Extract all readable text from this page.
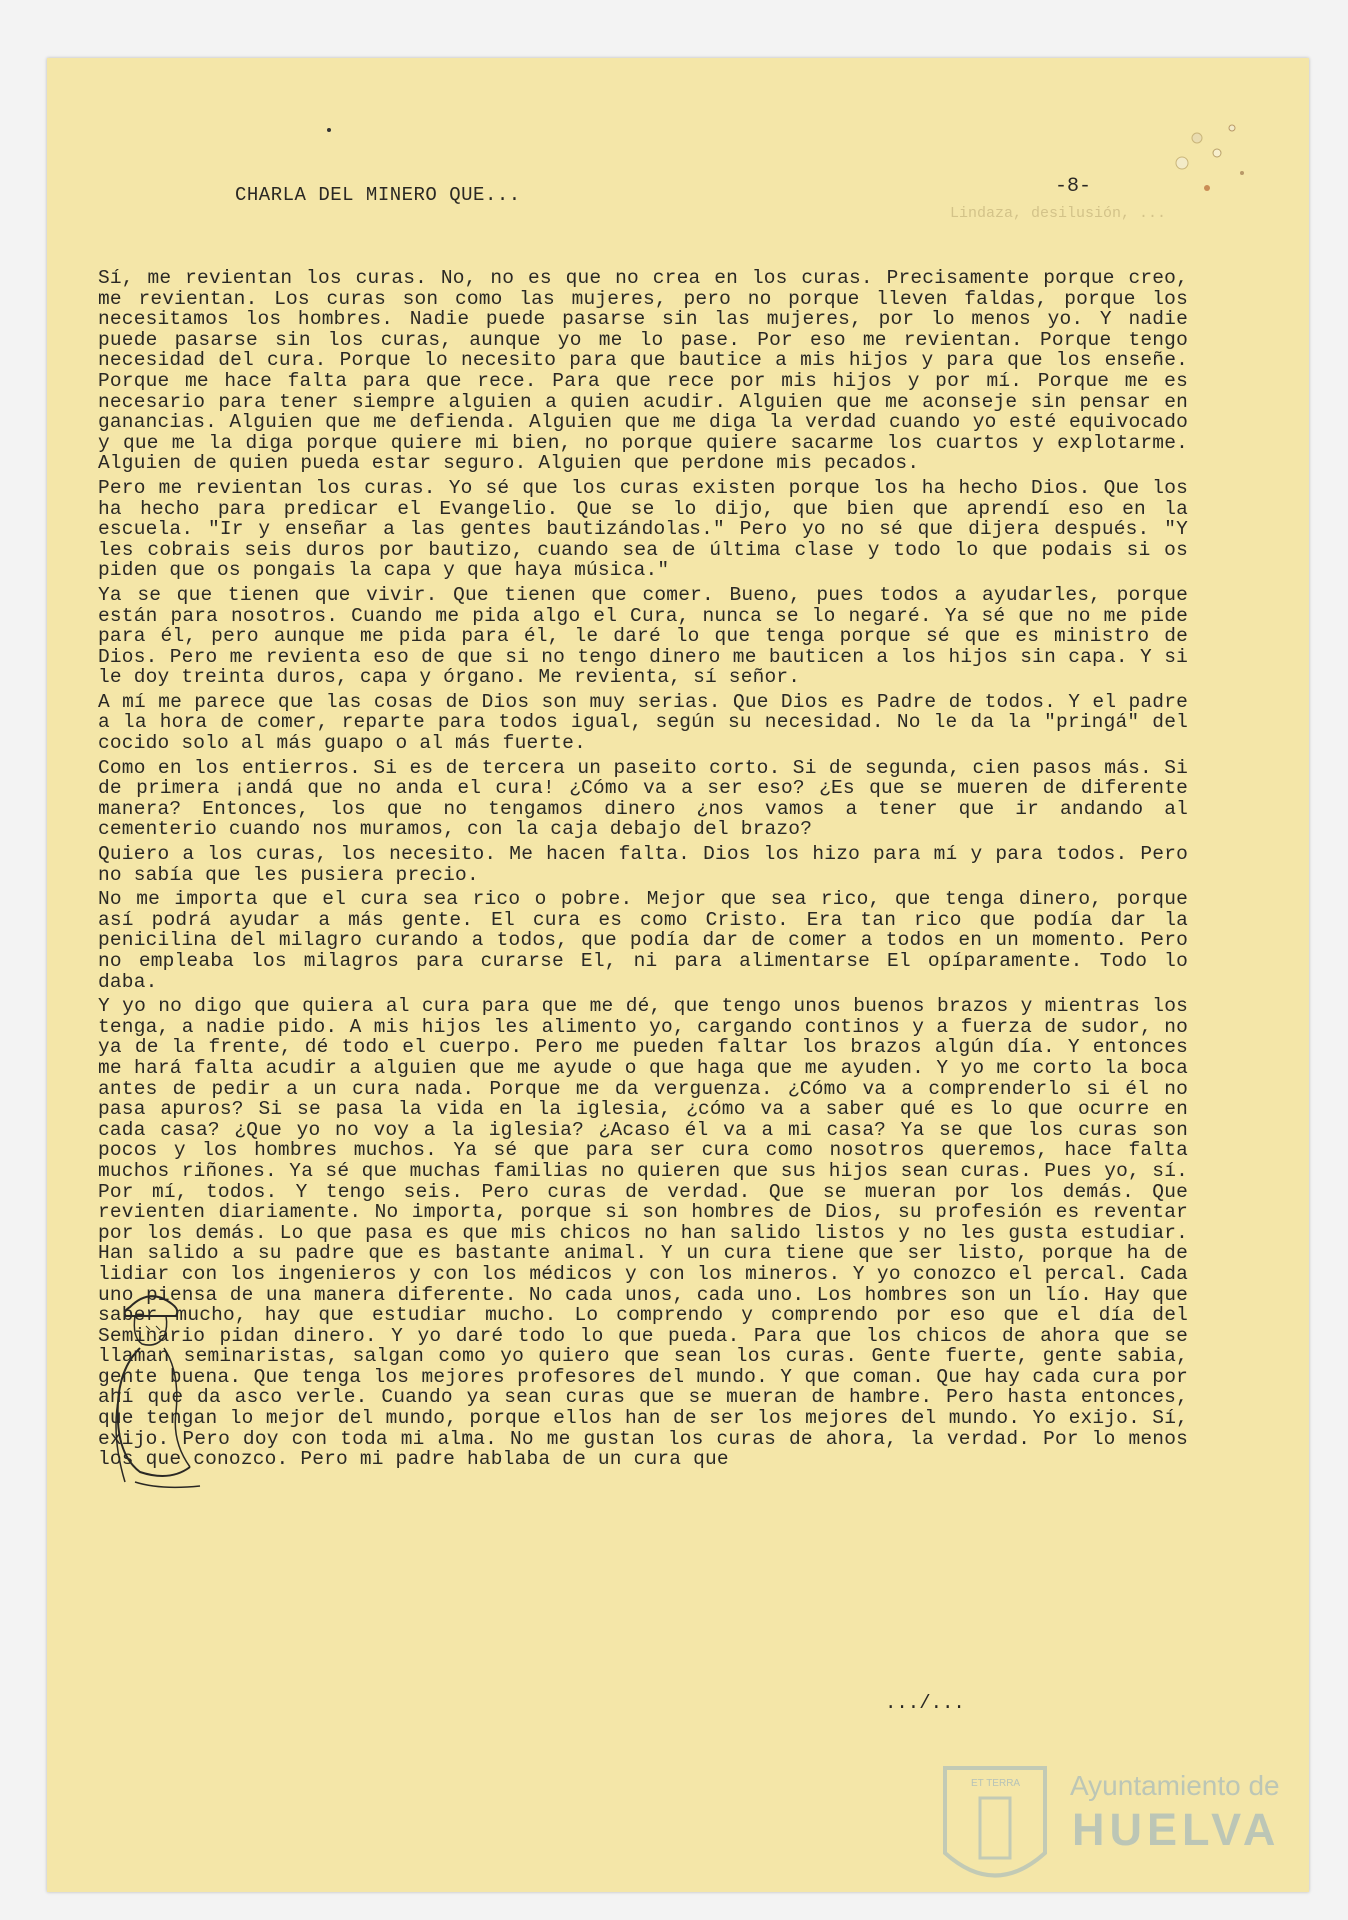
Lindaza, desilusión, ...
CHARLA DEL MINERO QUE...	-8-

Sí, me revientan los curas. No, no es que no crea en los curas. Precisamente porque creo, me revientan. Los curas son como las mujeres, pero no porque lleven faldas, porque los necesitamos los hombres. Nadie puede pasarse sin las mujeres, por lo menos yo. Y nadie puede pasarse sin los curas, aunque yo me lo pase. Por eso me revientan. Porque tengo necesidad del cura. Porque lo necesito para que bautice a mis hijos y para que los enseñe. Porque me hace falta para que rece. Para que rece por mis hijos y por mí. Porque me es necesario para tener siempre alguien a quien acudir. Alguien que me aconseje sin pensar en ganancias. Alguien que me defienda. Alguien que me diga la verdad cuando yo esté equivocado y que me la diga porque quiere mi bien, no porque quiere sacarme los cuartos y explotarme. Alguien de quien pueda estar seguro. Alguien que perdone mis pecados.

Pero me revientan los curas. Yo sé que los curas existen porque los ha hecho Dios. Que los ha hecho para predicar el Evangelio. Que se lo dijo, que bien que aprendí eso en la escuela. "Ir y enseñar a las gentes bautizándolas." Pero yo no sé que dijera después. "Y les cobrais seis duros por bautizo, cuando sea de última clase y todo lo que podais si os piden que os pongais la capa y que haya música."

Ya se que tienen que vivir. Que tienen que comer. Bueno, pues todos a ayudarles, porque están para nosotros. Cuando me pida algo el Cura, nunca se lo negaré. Ya sé que no me pide para él, pero aunque me pida para él, le daré lo que tenga porque sé que es ministro de Dios. Pero me revienta eso de que si no tengo dinero me bauticen a los hijos sin capa. Y si le doy treinta duros, capa y órgano. Me revienta, sí señor.

A mí me parece que las cosas de Dios son muy serias. Que Dios es Padre de todos. Y el padre a la hora de comer, reparte para todos igual, según su necesidad. No le da la "pringá" del cocido solo al más guapo o al más fuerte.

Como en los entierros. Si es de tercera un paseito corto. Si de segunda, cien pasos más. Si de primera ¡andá que no anda el cura! ¿Cómo va a ser eso? ¿Es que se mueren de diferente manera? Entonces, los que no tengamos dinero ¿nos vamos a tener que ir andando al cementerio cuando nos muramos, con la caja debajo del brazo?

Quiero a los curas, los necesito. Me hacen falta. Dios los hizo para mí y para todos. Pero no sabía que les pusiera precio.

No me importa que el cura sea rico o pobre. Mejor que sea rico, que tenga dinero, porque así podrá ayudar a más gente. El cura es como Cristo. Era tan rico que podía dar la penicilina del milagro curando a todos, que podía dar de comer a todos en un momento. Pero no empleaba los milagros para curarse El, ni para alimentarse El opíparamente. Todo lo daba.

Y yo no digo que quiera al cura para que me dé, que tengo unos buenos brazos y mientras los tenga, a nadie pido. A mis hijos les alimento yo, cargando continos y a fuerza de sudor, no ya de la frente, dé todo el cuerpo. Pero me pueden faltar los brazos algún día. Y entonces me hará falta acudir a alguien que me ayude o que haga que me ayuden. Y yo me corto la boca antes de pedir a un cura nada. Porque me da verguenza. ¿Cómo va a comprenderlo si él no pasa apuros? Si se pasa la vida en la iglesia, ¿cómo va a saber qué es lo que ocurre en cada casa? ¿Que yo no voy a la iglesia? ¿Acaso él va a mi casa? Ya se que los curas son pocos y los hombres muchos. Ya sé que para ser cura como nosotros queremos, hace falta muchos riñones. Ya sé que muchas familias no quieren que sus hijos sean curas. Pues yo, sí. Por mí, todos. Y tengo seis. Pero curas de verdad. Que se mueran por los demás. Que revienten diariamente. No importa, porque si son hombres de Dios, su profesión es reventar por los demás. Lo que pasa es que mis chicos no han salido listos y no les gusta estudiar. Han salido a su padre que es bastante animal. Y un cura tiene que ser listo, porque ha de lidiar con los ingenieros y con los médicos y con los mineros. Y yo conozco el percal. Cada uno piensa de una manera diferente. No cada unos, cada uno. Los hombres son un lío. Hay que saber mucho, hay que estudiar mucho. Lo comprendo y comprendo por eso que el día del Seminario pidan dinero. Y yo daré todo lo que pueda. Para que los chicos de ahora que se llaman seminaristas, salgan como yo quiero que sean los curas. Gente fuerte, gente sabia, gente buena. Que tenga los mejores profesores del mundo. Y que coman. Que hay cada cura por ahí que da asco verle. Cuando ya sean curas que se mueran de hambre. Pero hasta entonces, que tengan lo mejor del mundo, porque ellos han de ser los mejores del mundo. Yo exijo. Sí, exijo. Pero doy con toda mi alma. No me gustan los curas de ahora, la verdad. Por lo menos los que conozco. Pero mi padre hablaba de un cura que

.../...
ET TERRA Ayuntamiento de
HUELVA
